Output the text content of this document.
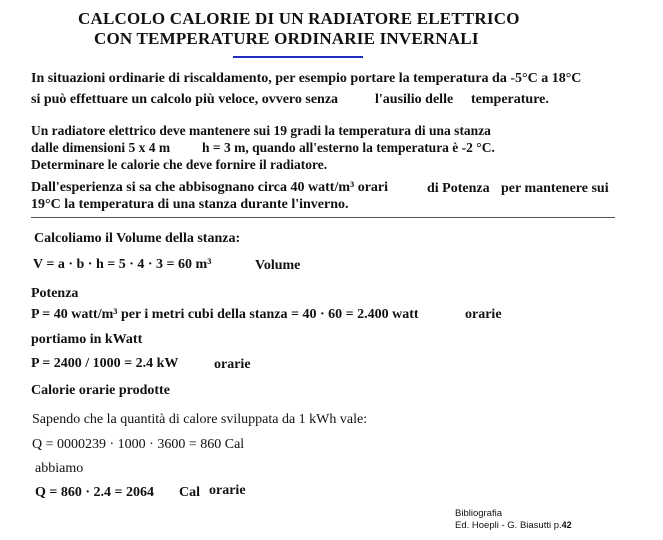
CALCOLO CALORIE DI UN RADIATORE ELETTRICO
CON TEMPERATURE ORDINARIE INVERNALI
In situazioni ordinarie di riscaldamento, per esempio portare la temperatura da -5°C a 18°C
si può effettuare un calcolo più veloce, ovvero senza	l'ausilio delle temperature.
Un radiatore elettrico deve mantenere sui 19 gradi la temperatura di una stanza
dalle dimensioni 5 x 4 m h = 3 m, quando all'esterno la temperatura è -2 °C.
Determinare le calorie che deve fornire il radiatore.
Dall'esperienza si sa che abbisognano circa 40 watt/m³ orari	di Potenza per mantenere sui
19°C la temperatura di una stanza durante l'inverno.
Calcoliamo il Volume della stanza:
V = a · b · h = 5 · 4 · 3 = 60 m³	Volume
Potenza
P = 40 watt/m³ per i metri cubi della stanza = 40 · 60 = 2.400 watt	orarie
portiamo in kWatt
P = 2400 / 1000 = 2.4 kW	orarie
Calorie orarie prodotte
Sapendo che la quantità di calore sviluppata da 1 kWh vale:
Q = 0000239 · 1000 · 3600 = 860 Cal
abbiamo
Q = 860 · 2.4 = 2064 Cal orarie
Bibliografia
Ed. Hoepli - G. Biasutti p.42
